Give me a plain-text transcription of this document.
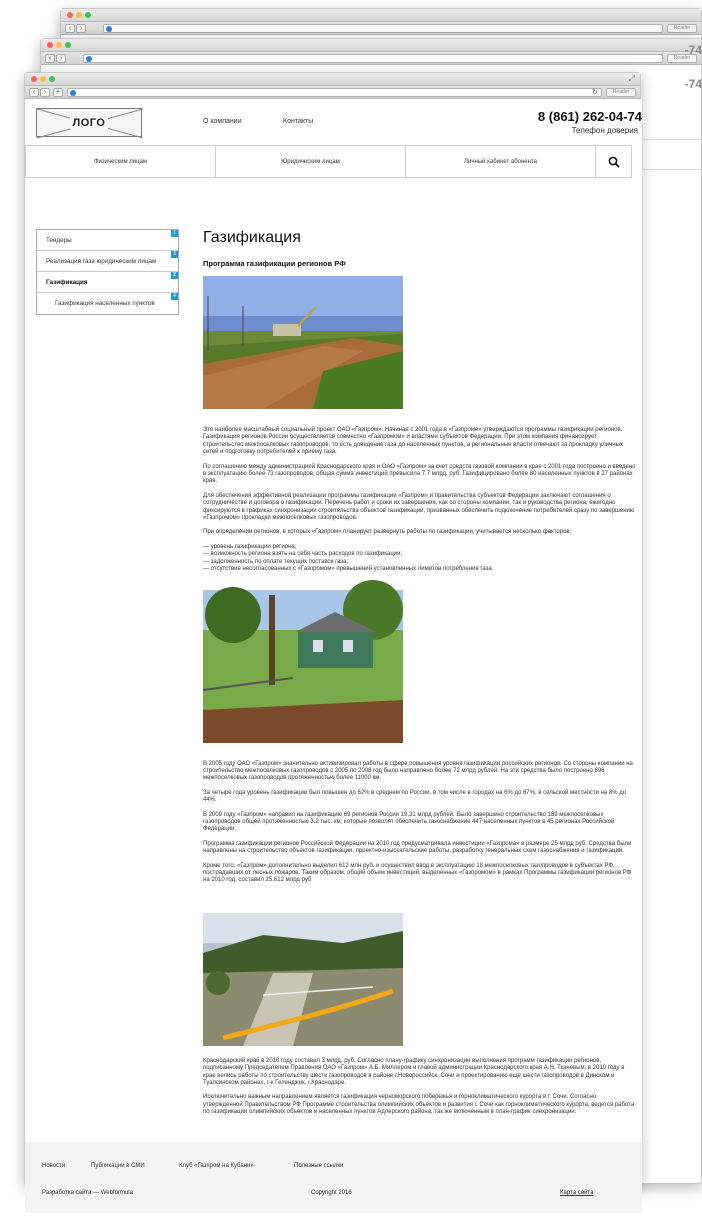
‹	›	Reader
‹	›	Reader
⤢
‹	›	+	↻	Reader
ЛОГО	О компании	Контакты	8 (861) 262-04-74
Телефон доверия
Физическим лицам	Юридическим лицам	Личный кабинет абонента
Тендеры
1
Реализация газа юридическим лицам
3
Газификация
2
Газификация населенных пунктов
4
Газификация
Программа газификации регионов РФ

Это наиболее масштабный социальный проект ОАО «Газпром». Начиная с 2001 года в «Газпроме» утверждаются программы газификации регионов. Газификация регионов России осуществляется совместно «Газпромом» и властями субъектов Федерации. При этом компания финансирует строительство межпоселковых газопроводов, то есть доведение газа до населенных пунктов, а региональные власти отвечают за прокладку уличных сетей и подготовку потребителей к приему газа.

По соглашению между администрацией Краснодарского края и ОАО «Газпром» за счет средств газовой компании в крае с 2001 года построено и введено в эксплуатацию более 73 газопроводов, общая сумма инвестиций превысила 7,7 млрд. руб. Газифицировано более 80 населенных пунктов в 27 районах края.

Для обеспечения эффективной реализации программы газификации «Газпром» и правительства субъектов Федерации заключают соглашения о сотрудничестве и договора о газификации. Перечень работ и сроки их завершения, как со стороны компании, так и руководства региона, ежегодно фиксируются в графиках синхронизации строительства объектов газификации, призванных обеспечить подключение потребителей сразу по завершению «Газпромом» прокладки межпоселковых газопроводов.

При определении регионов, в которых «Газпром» планирует развернуть работы по газификации, учитывается несколько факторов:

— уровень газификации региона;
— возможность региона взять на себя часть расходов по газификации;
— задолженность по оплате текущих поставок газа;
— отсутствие несогласованных с «Газпромом» превышений установленных лимитов потребления газа.

В 2005 году ОАО «Газпром» значительно активизировал работы в сфере повышения уровня газификации российских регионов. Со стороны компании на строительство межпоселковых газопроводов с 2005 по 2008 год было направлено более 72 млрд рублей. На эти средства было построено 696 межпоселковых газопроводов протяженностью более 11000 км.

За четыре года уровень газификации был повышен до 62% в среднем по России, в том числе в городах на 6% до 67%, в сельской местности на 8% до 44%.

В 2009 году «Газпром» направил на газификацию 69 регионов России 19,31 млрд рублей. Было завершено строительство 189 межпоселковых газопроводов общей протяженностью 3,2 тыс. км, которые позволят обеспечить газоснабжение 447 населенных пунктов в 45 регионах Российской Федерации.

Программа газификации регионов Российской Федерации на 2010 год предусматривала инвестиции «Газпрома» в размере 25 млрд руб. Средства были направлены на строительство объектов газификации, проектно-изыскательские работы, разработку генеральных схем газоснабжения и газификации.

Кроме того, «Газпром» дополнительно выделил 612 млн руб. и осуществил ввод в эксплуатацию 18 межпоселковых газопроводов в субъектах РФ, пострадавших от лесных пожаров. Таким образом, общий объем инвестиций, выделенных «Газпромом» в рамках Программы газификации регионов РФ на 2010 год, составил 25,612 млрд руб

Краснодарский край в 2010 году составил 3 млрд. руб. Согласно плану-графику синхронизации выполнения программ газификации регионов, подписанному Председателем Правления ОАО «Газпром» А.Б. Миллером и главой администрации Краснодарского края А.Н. Ткачевым, в 2010 году в крае велись работы по строительству шести газопроводов в районе г.Новороссийск, Сочи и проектированию еще шести газопроводов в Динском и Туапсинском районах, г-к Геленджик, г.Краснодаре.

Исключительно важным направлением является газификация черноморского побережья и горноклиматического курорта в г. Сочи. Согласно утвержденной Правительством РФ Программе строительства олимпийских объектов и развития г. Сочи как горноклиматического курорта, ведется работа по газификации олимпийских объектов и населенных пунктов Адлерского района, так же включенным в план-график синхронизации.

Новости	Публикации в СМИ	Клуб «Газпром на Кубани»	Полезные ссылки
Разработка сайта — Webformula	Copyright 2016	Карта сайта
-74
-74
